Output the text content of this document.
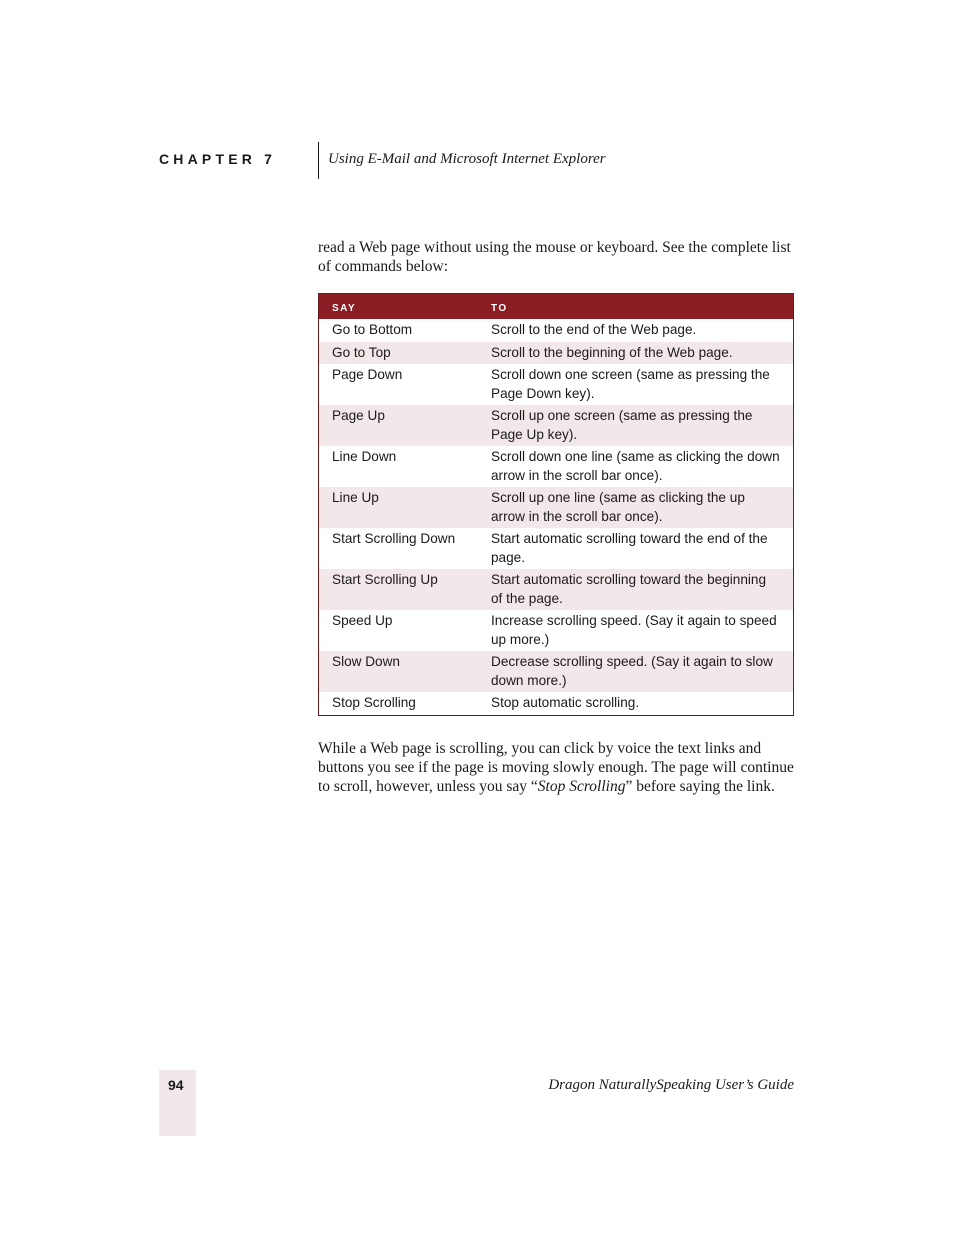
CHAPTER 7	Using E-Mail and Microsoft Internet Explorer

read a Web page without using the mouse or keyboard. See the complete list of commands below:

SAY	TO
Go to Bottom	Scroll to the end of the Web page.
Go to Top	Scroll to the beginning of the Web page.
Page Down	Scroll down one screen (same as pressing the Page Down key).
Page Up	Scroll up one screen (same as pressing the Page Up key).
Line Down	Scroll down one line (same as clicking the down arrow in the scroll bar once).
Line Up	Scroll up one line (same as clicking the up arrow in the scroll bar once).
Start Scrolling Down	Start automatic scrolling toward the end of the page.
Start Scrolling Up	Start automatic scrolling toward the beginning of the page.
Speed Up	Increase scrolling speed. (Say it again to speed up more.)
Slow Down	Decrease scrolling speed. (Say it again to slow down more.)
Stop Scrolling	Stop automatic scrolling.

While a Web page is scrolling, you can click by voice the text links and buttons you see if the page is moving slowly enough. The page will continue to scroll, however, unless you say “Stop Scrolling” before saying the link.

94	Dragon NaturallySpeaking User’s Guide
